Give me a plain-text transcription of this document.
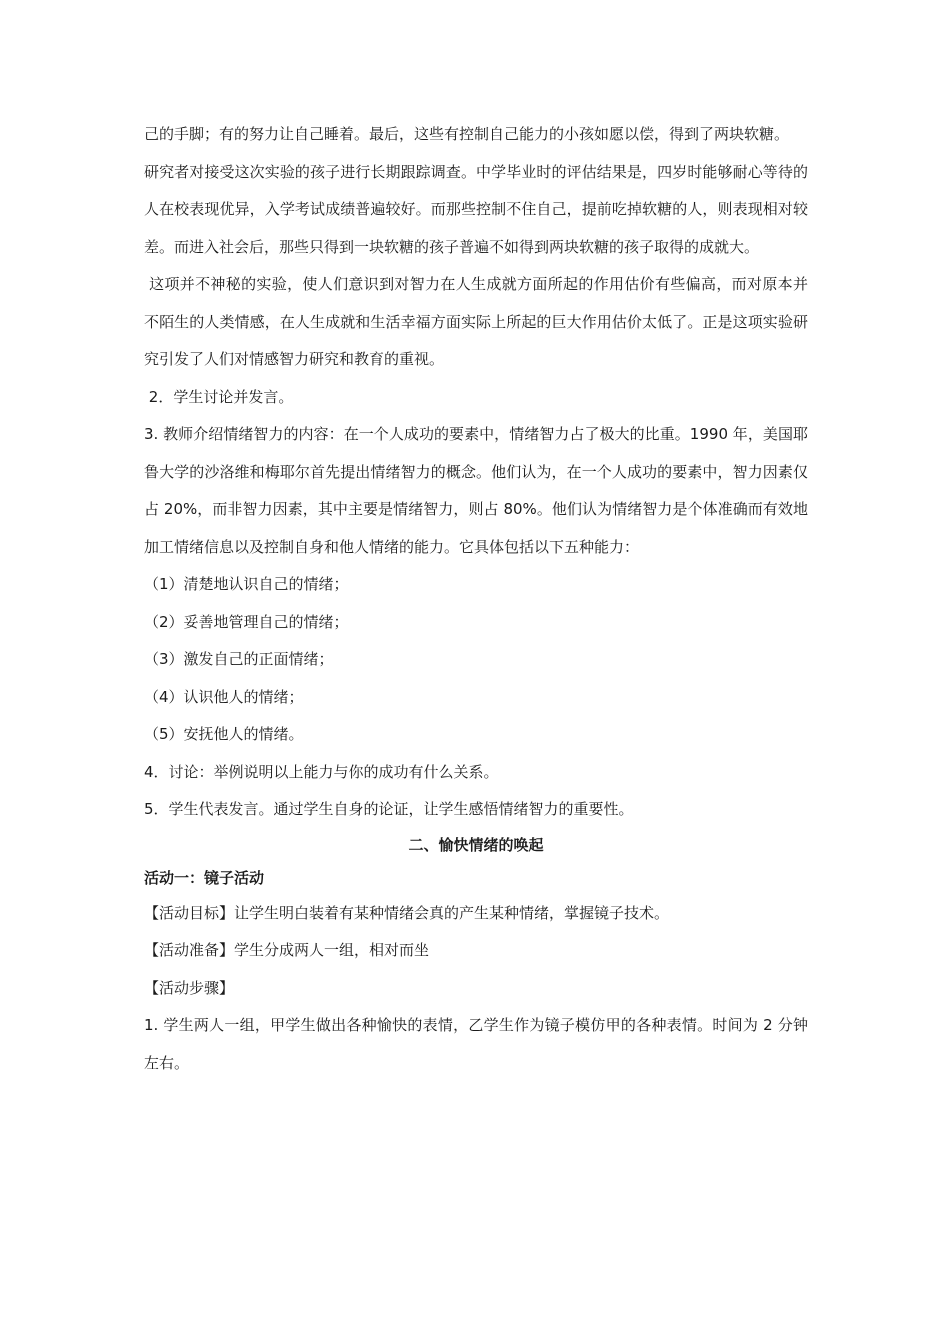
己的手脚；有的努力让自己睡着。最后，这些有控制自己能力的小孩如愿以偿，得到了两块软糖。

研究者对接受这次实验的孩子进行长期跟踪调查。中学毕业时的评估结果是，四岁时能够耐心等待的人在校表现优异，入学考试成绩普遍较好。而那些控制不住自己，提前吃掉软糖的人，则表现相对较差。而进入社会后，那些只得到一块软糖的孩子普遍不如得到两块软糖的孩子取得的成就大。

这项并不神秘的实验，使人们意识到对智力在人生成就方面所起的作用估价有些偏高，而对原本并不陌生的人类情感，在人生成就和生活幸福方面实际上所起的巨大作用估价太低了。正是这项实验研究引发了人们对情感智力研究和教育的重视。

2．学生讨论并发言。

3. 教师介绍情绪智力的内容：在一个人成功的要素中，情绪智力占了极大的比重。1990 年，美国耶鲁大学的沙洛维和梅耶尔首先提出情绪智力的概念。他们认为，在一个人成功的要素中，智力因素仅占 20%，而非智力因素，其中主要是情绪智力，则占 80%。他们认为情绪智力是个体准确而有效地加工情绪信息以及控制自身和他人情绪的能力。它具体包括以下五种能力：

（1）清楚地认识自己的情绪；

（2）妥善地管理自己的情绪；

（3）激发自己的正面情绪；

（4）认识他人的情绪；

（5）安抚他人的情绪。

4．讨论：举例说明以上能力与你的成功有什么关系。

5．学生代表发言。通过学生自身的论证，让学生感悟情绪智力的重要性。

二、愉快情绪的唤起

活动一：镜子活动

【活动目标】让学生明白装着有某种情绪会真的产生某种情绪，掌握镜子技术。

【活动准备】学生分成两人一组，相对而坐

【活动步骤】

1. 学生两人一组，甲学生做出各种愉快的表情，乙学生作为镜子模仿甲的各种表情。时间为 2 分钟左右。
